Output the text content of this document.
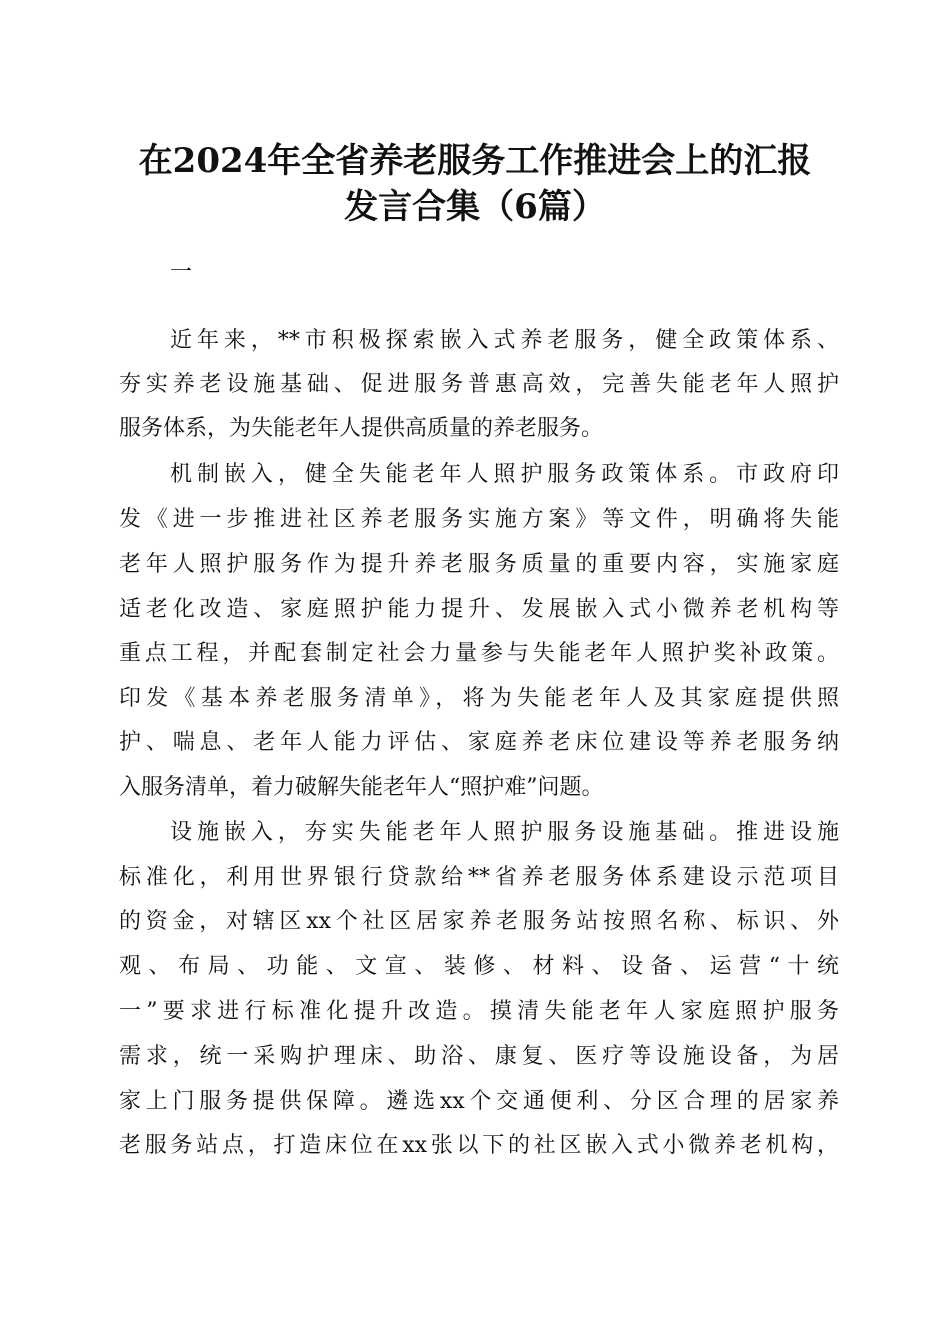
在2024年全省养老服务工作推进会上的汇报
发言合集（6篇）
一
近年来，**市积极探索嵌入式养老服务，健全政策体系、
夯实养老设施基础、促进服务普惠高效，完善失能老年人照护
服务体系，为失能老年人提供高质量的养老服务。
机制嵌入，健全失能老年人照护服务政策体系。市政府印
发《进一步推进社区养老服务实施方案》等文件，明确将失能
老年人照护服务作为提升养老服务质量的重要内容，实施家庭
适老化改造、家庭照护能力提升、发展嵌入式小微养老机构等
重点工程，并配套制定社会力量参与失能老年人照护奖补政策。
印发《基本养老服务清单》，将为失能老年人及其家庭提供照
护、喘息、老年人能力评估、家庭养老床位建设等养老服务纳
入服务清单，着力破解失能老年人“照护难”问题。
设施嵌入，夯实失能老年人照护服务设施基础。推进设施
标准化，利用世界银行贷款给**省养老服务体系建设示范项目
的资金，对辖区xx个社区居家养老服务站按照名称、标识、外
观、布局、功能、文宣、装修、材料、设备、运营“十统
一”要求进行标准化提升改造。摸清失能老年人家庭照护服务
需求，统一采购护理床、助浴、康复、医疗等设施设备，为居
家上门服务提供保障。遴选xx个交通便利、分区合理的居家养
老服务站点，打造床位在xx张以下的社区嵌入式小微养老机构，
